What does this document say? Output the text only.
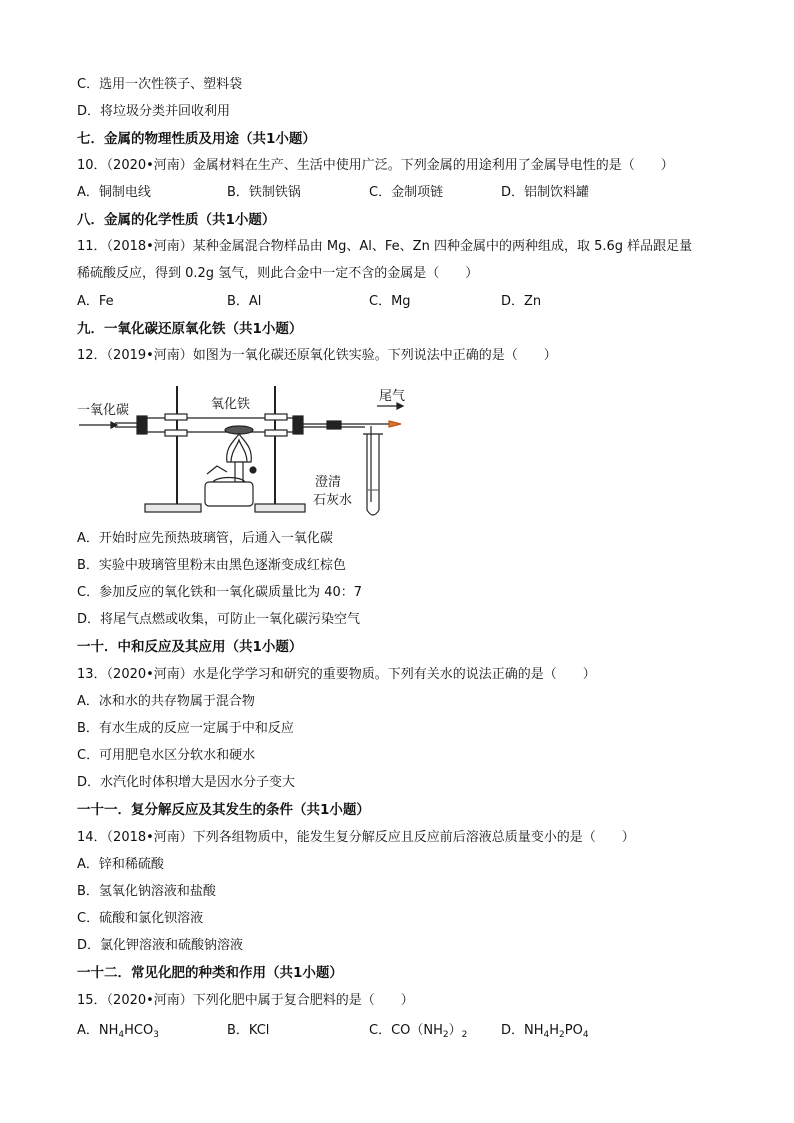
C．选用一次性筷子、塑料袋
D．将垃圾分类并回收利用
七．金属的物理性质及用途（共1小题）
10．（2020•河南）金属材料在生产、生活中使用广泛。下列金属的用途利用了金属导电性的是（　　）
A．铜制电线	B．铁制铁锅	C．金制项链	D．铝制饮料罐
八．金属的化学性质（共1小题）
11．（2018•河南）某种金属混合物样品由 Mg、Al、Fe、Zn 四种金属中的两种组成，取 5.6g 样品跟足量
稀硫酸反应，得到 0.2g 氢气，则此合金中一定不含的金属是（　　）
A．Fe	B．Al	C．Mg	D．Zn
九．一氧化碳还原氧化铁（共1小题）
12．（2019•河南）如图为一氧化碳还原氧化铁实验。下列说法中正确的是（　　）
一氧化碳	氧化铁
尾气
澄清
石灰水
A．开始时应先预热玻璃管，后通入一氧化碳
B．实验中玻璃管里粉末由黑色逐渐变成红棕色
C．参加反应的氧化铁和一氧化碳质量比为 40：7
D．将尾气点燃或收集，可防止一氧化碳污染空气
一十．中和反应及其应用（共1小题）
13．（2020•河南）水是化学学习和研究的重要物质。下列有关水的说法正确的是（　　）
A．冰和水的共存物属于混合物
B．有水生成的反应一定属于中和反应
C．可用肥皂水区分软水和硬水
D．水汽化时体积增大是因水分子变大
一十一．复分解反应及其发生的条件（共1小题）
14．（2018•河南）下列各组物质中，能发生复分解反应且反应前后溶液总质量变小的是（　　）
A．锌和稀硫酸
B．氢氧化钠溶液和盐酸
C．硫酸和氯化钡溶液
D．氯化钾溶液和硫酸钠溶液
一十二．常见化肥的种类和作用（共1小题）
15．（2020•河南）下列化肥中属于复合肥料的是（　　）
A．$NH_4HCO_3$	B．KCl	C．$CO(NH_2)_2$	D．$NH_4H_2PO_4$
